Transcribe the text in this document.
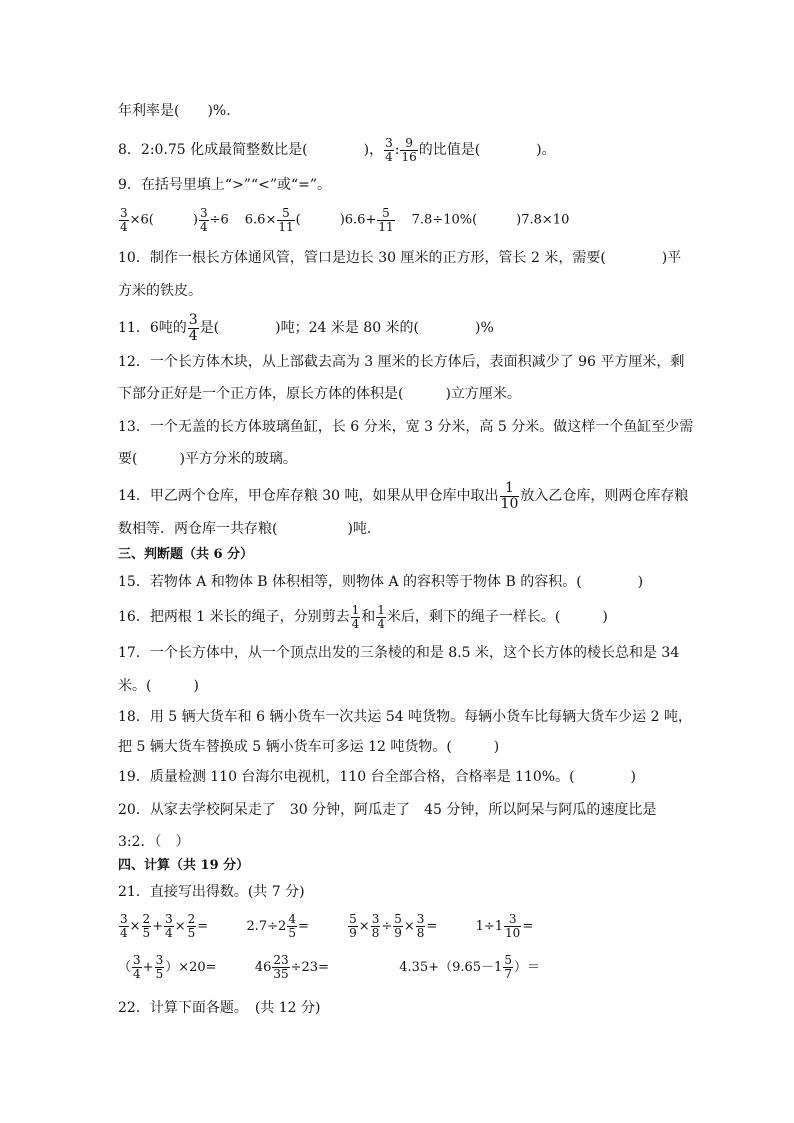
年利率是(　　)%．
8．2:0.75 化成最简整数比是(　　　　)， $\frac{3}{4}$ : $\frac{9}{16}$ 的比值是(　　　　)。
9．在括号里填上“>”“<”或“=”。
$\frac{3}{4} \times 6$(　　　) $\frac{3}{4} \div 6$ $6.6\times \frac{5}{11}$ (　　　)$6.6+ \frac{5}{11} 7.8\div 10\%$(　　　)7.8×10
10．制作一根长方体通风管，管口是边长 30 厘米的正方形，管长 2 米，需要(　　　　)平
方米的铁皮。
11．6吨的 $\frac{3}{4}$ 是(　　　　)吨；24 米是 80 米的(　　　　)%
12．一个长方体木块，从上部截去高为 3 厘米的长方体后，表面积减少了 96 平方厘米，剩
下部分正好是一个正方体，原长方体的体积是(　　　)立方厘米。
13．一个无盖的长方体玻璃鱼缸，长 6 分米，宽 3 分米，高 5 分米。做这样一个鱼缸至少需
要(　　　)平方分米的玻璃。
14．甲乙两个仓库，甲仓库存粮 30 吨，如果从甲仓库中取出 $\frac{1}{10}$ 放入乙仓库，则两仓库存粮
数相等．两仓库一共存粮(　　　　　)吨．
三、判断题（共 6 分）
15．若物体 A 和物体 B 体积相等，则物体 A 的容积等于物体 B 的容积。(　　　　)
16．把两根 1 米长的绳子，分别剪去 $\frac{1}{4}$ 和 $\frac{1}{4}$ 米后，剩下的绳子一样长。(　　　)
17．一个长方体中，从一个顶点出发的三条棱的和是 8.5 米，这个长方体的棱长总和是 34
米。(　　　)
18．用 5 辆大货车和 6 辆小货车一次共运 54 吨货物。每辆小货车比每辆大货车少运 2 吨，
把 5 辆大货车替换成 5 辆小货车可多运 12 吨货物。(　　　)
19．质量检测 110 台海尔电视机，110 台全部合格，合格率是 110%。(　　　　)
20．从家去学校阿呆走了　30 分钟，阿瓜走了　45 分钟，所以阿呆与阿瓜的速度比是
3:2．（　）
四、计算（共 19 分）
21．直接写出得数。(共 7 分)
$\frac{3}{4} \times \frac{2}{5} + \frac{3}{4} \times \frac{2}{5}$ =	$2.7\div 2 \frac{4}{5}$ =	$\frac{5}{9} \times \frac{3}{8} \div \frac{5}{9} \times \frac{3}{8}$ =	$1\div 1 \frac{3}{10}$ =
（ $\frac{3}{4} + \frac{3}{5} )\times 20=$	$46 \frac{23}{35} \div 23=$	$4.35+(9.65-1 \frac{5}{7}$ ）＝
22．计算下面各题。　(共 12 分)
